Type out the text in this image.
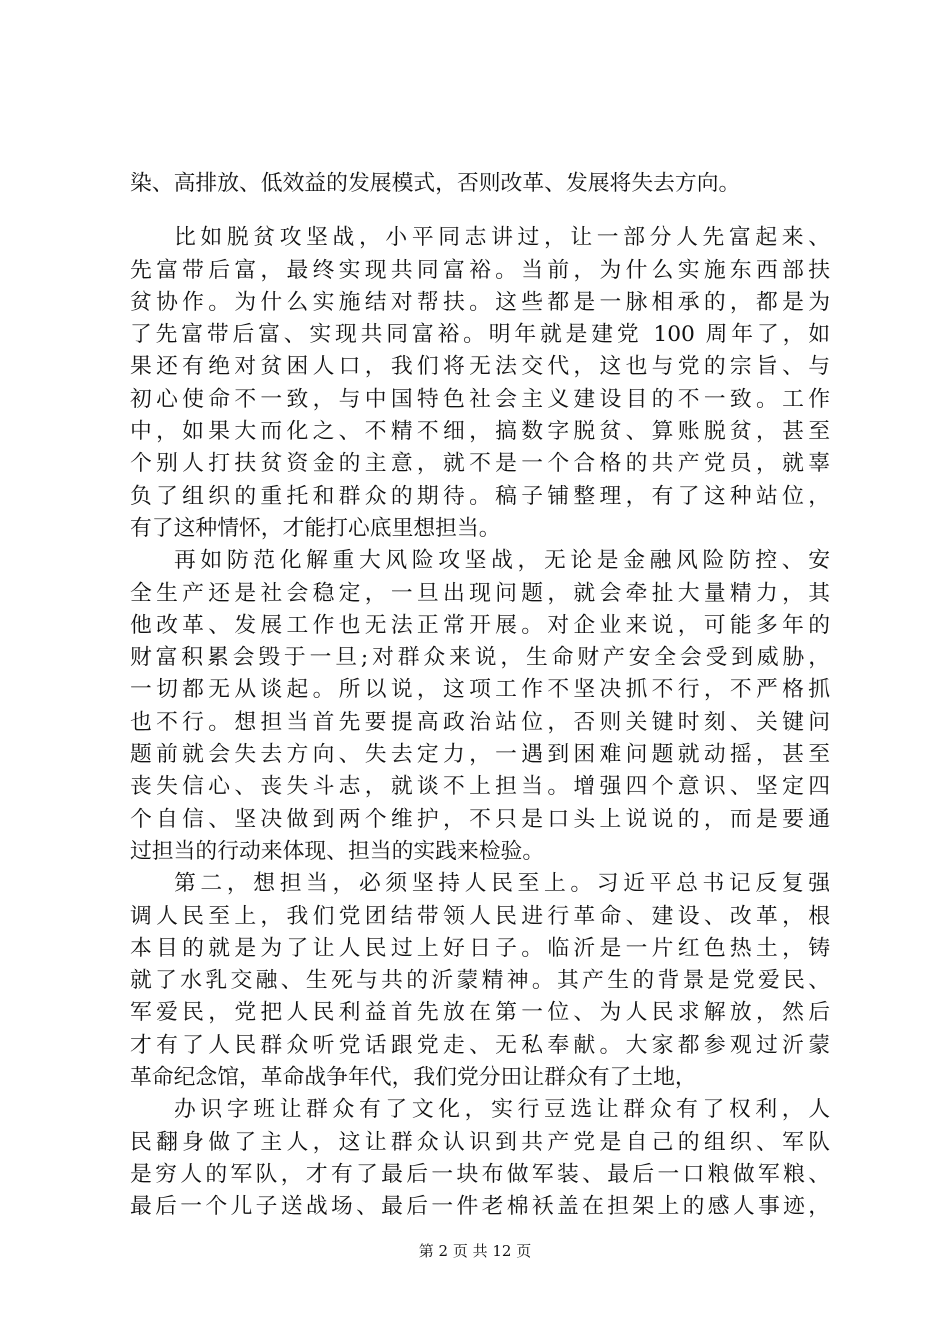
染、高排放、低效益的发展模式，否则改革、发展将失去方向。
比如脱贫攻坚战，小平同志讲过，让一部分人先富起来、
先富带后富，最终实现共同富裕。当前，为什么实施东西部扶
贫协作。为什么实施结对帮扶。这些都是一脉相承的，都是为
了先富带后富、实现共同富裕。明年就是建党 100 周年了，如
果还有绝对贫困人口，我们将无法交代，这也与党的宗旨、与
初心使命不一致，与中国特色社会主义建设目的不一致。工作
中，如果大而化之、不精不细，搞数字脱贫、算账脱贫，甚至
个别人打扶贫资金的主意，就不是一个合格的共产党员，就辜
负了组织的重托和群众的期待。稿子铺整理，有了这种站位，
有了这种情怀，才能打心底里想担当。
再如防范化解重大风险攻坚战，无论是金融风险防控、安
全生产还是社会稳定，一旦出现问题，就会牵扯大量精力，其
他改革、发展工作也无法正常开展。对企业来说，可能多年的
财富积累会毁于一旦;对群众来说，生命财产安全会受到威胁，
一切都无从谈起。所以说，这项工作不坚决抓不行，不严格抓
也不行。想担当首先要提高政治站位，否则关键时刻、关键问
题前就会失去方向、失去定力，一遇到困难问题就动摇，甚至
丧失信心、丧失斗志，就谈不上担当。增强四个意识、坚定四
个自信、坚决做到两个维护，不只是口头上说说的，而是要通
过担当的行动来体现、担当的实践来检验。
第二，想担当，必须坚持人民至上。习近平总书记反复强
调人民至上，我们党团结带领人民进行革命、建设、改革，根
本目的就是为了让人民过上好日子。临沂是一片红色热土，铸
就了水乳交融、生死与共的沂蒙精神。其产生的背景是党爱民、
军爱民，党把人民利益首先放在第一位、为人民求解放，然后
才有了人民群众听党话跟党走、无私奉献。大家都参观过沂蒙
革命纪念馆，革命战争年代，我们党分田让群众有了土地，
办识字班让群众有了文化，实行豆选让群众有了权利，人
民翻身做了主人，这让群众认识到共产党是自己的组织、军队
是穷人的军队，才有了最后一块布做军装、最后一口粮做军粮、
最后一个儿子送战场、最后一件老棉袄盖在担架上的感人事迹，
第 2 页 共 12 页
